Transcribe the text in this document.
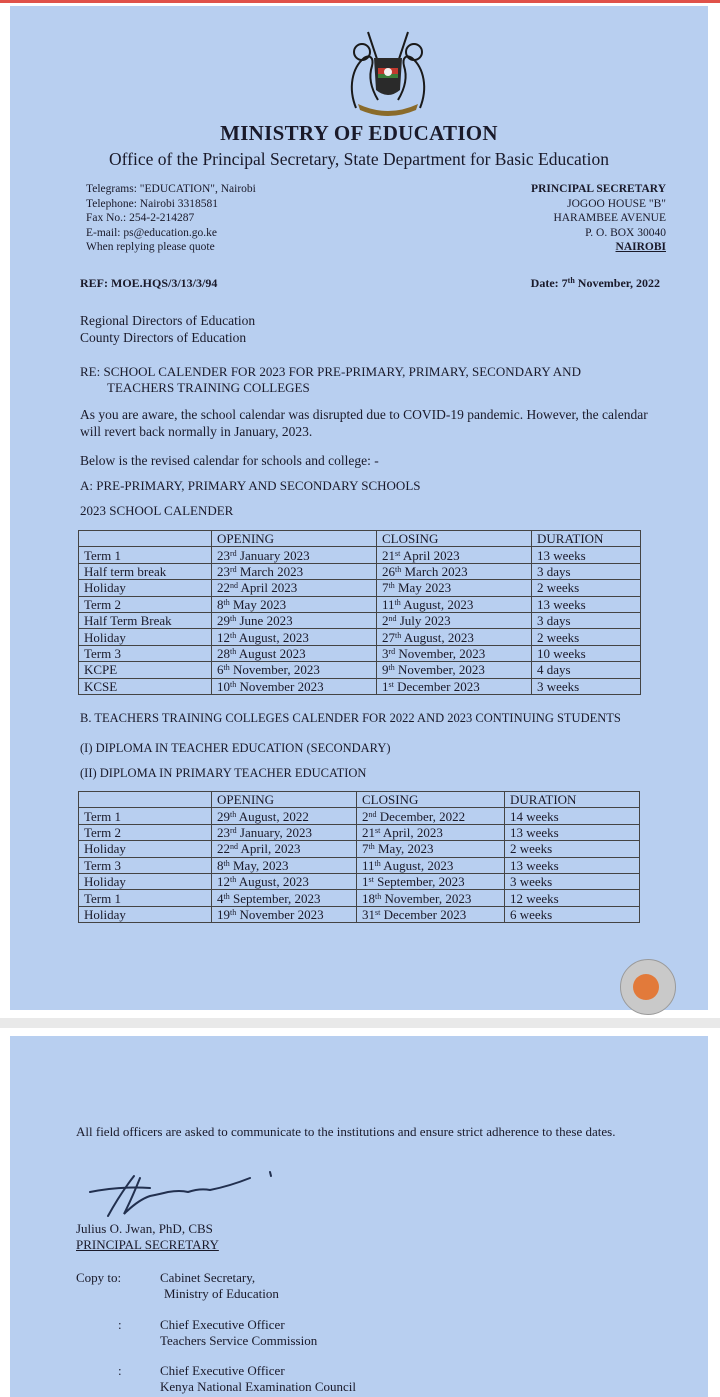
MINISTRY OF EDUCATION
Office of the Principal Secretary, State Department for Basic Education
Telegrams: "EDUCATION", Nairobi
Telephone: Nairobi 3318581
Fax No.: 254-2-214287
E-mail: ps@education.go.ke
When replying please quote
PRINCIPAL SECRETARY
JOGOO HOUSE "B"
HARAMBEE AVENUE
P. O. BOX 30040
NAIROBI
REF: MOE.HQS/3/13/3/94	Date: 7th November, 2022
Regional Directors of Education
County Directors of Education
RE: SCHOOL CALENDER FOR 2023 FOR PRE-PRIMARY, PRIMARY, SECONDARY AND
TEACHERS TRAINING COLLEGES
As you are aware, the school calendar was disrupted due to COVID-19 pandemic. However, the calendar will revert back normally in January, 2023.
Below is the revised calendar for schools and college: -
A: PRE-PRIMARY, PRIMARY AND SECONDARY SCHOOLS
2023 SCHOOL CALENDER
	OPENING	CLOSING	DURATION
Term 1	23rd January 2023	21st April 2023	13 weeks
Half term break	23rd March 2023	26th March 2023	3 days
Holiday	22nd April 2023	7th May 2023	2 weeks
Term 2	8th May 2023	11th August, 2023	13 weeks
Half Term Break	29th June 2023	2nd July 2023	3 days
Holiday	12th August, 2023	27th August, 2023	2 weeks
Term 3	28th August 2023	3rd November, 2023	10 weeks
KCPE	6th November, 2023	9th November, 2023	4 days
KCSE	10th November 2023	1st December 2023	3 weeks
B. TEACHERS TRAINING COLLEGES CALENDER FOR 2022 AND 2023 CONTINUING STUDENTS
(I) DIPLOMA IN TEACHER EDUCATION (SECONDARY)
(II) DIPLOMA IN PRIMARY TEACHER EDUCATION
	OPENING	CLOSING	DURATION
Term 1	29th August, 2022	2nd December, 2022	14 weeks
Term 2	23rd January, 2023	21st April, 2023	13 weeks
Holiday	22nd April, 2023	7th May, 2023	2 weeks
Term 3	8th May, 2023	11th August, 2023	13 weeks
Holiday	12th August, 2023	1st September, 2023	3 weeks
Term 1	4th September, 2023	18th November, 2023	12 weeks
Holiday	19th November 2023	31st December 2023	6 weeks
All field officers are asked to communicate to the institutions and ensure strict adherence to these dates.
Julius O. Jwan, PhD, CBS
PRINCIPAL SECRETARY
Copy to:	Cabinet Secretary,
Ministry of Education
:	Chief Executive Officer
Teachers Service Commission
:	Chief Executive Officer
Kenya National Examination Council
